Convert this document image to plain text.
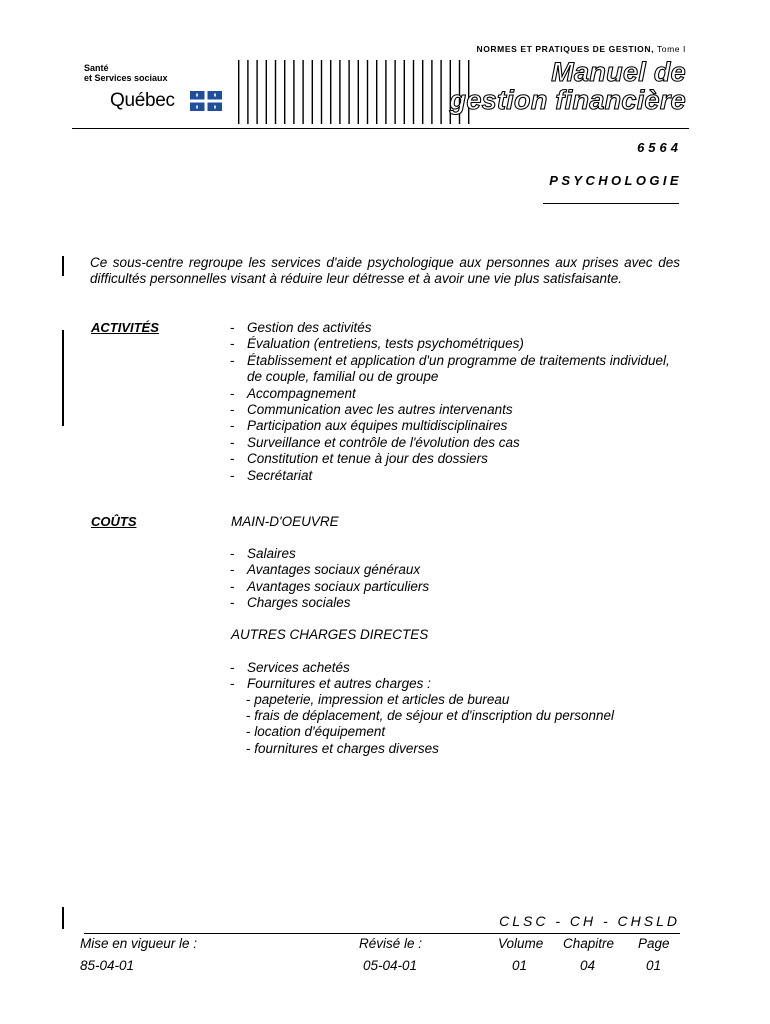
NORMES ET PRATIQUES DE GESTION, Tome I
Santé
et Services sociaux
Québec
Manuel de
gestion financière
6564
PSYCHOLOGIE
Ce sous-centre regroupe les services d'aide psychologique aux personnes aux prises avec des difficultés personnelles visant à réduire leur détresse et à avoir une vie plus satisfaisante.
ACTIVITÉS
-	Gestion des activités
- Évaluation (entretiens, tests psychométriques)
- Établissement et application d'un programme de traitements individuel, de couple, familial ou de groupe
- Accompagnement
- Communication avec les autres intervenants
- Participation aux équipes multidisciplinaires
- Surveillance et contrôle de l'évolution des cas
- Constitution et tenue à jour des dossiers
- Secrétariat
COÛTS	MAIN-D'OEUVRE
- Salaires
- Avantages sociaux généraux
- Avantages sociaux particuliers
- Charges sociales
AUTRES CHARGES DIRECTES
- Services achetés
- Fournitures et autres charges :
- papeterie, impression et articles de bureau
- frais de déplacement, de séjour et d'inscription du personnel
- location d'équipement
- fournitures et charges diverses
CLSC - CH - CHSLD
Mise en vigueur le :
85-04-01
Révisé le :
05-04-01
Volume
01
Chapitre
04
Page
01
